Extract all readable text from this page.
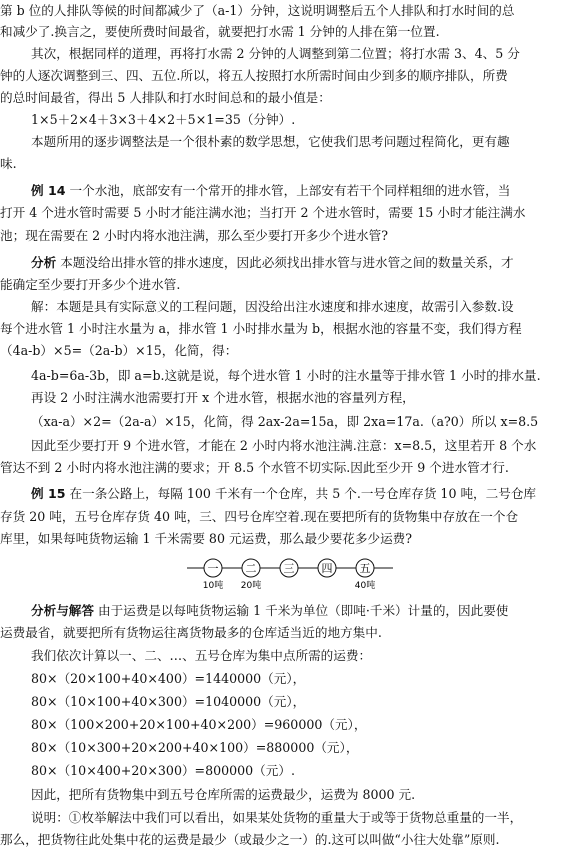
一
10吨
二
20吨
三 四 五
40吨
第 b 位的人排队等候的时间都减少了（a-1）分钟，这说明调整后五个人排队和打水时间的总
和减少了.换言之，要使所费时间最省，就要把打水需 1 分钟的人排在第一位置.
其次，根据同样的道理，再将打水需 2 分钟的人调整到第二位置；将打水需 3、4、5 分
钟的人逐次调整到三、四、五位.所以，将五人按照打水所需时间由少到多的顺序排队，所费
的总时间最省，得出 5 人排队和打水时间总和的最小值是：
1×5＋2×4＋3×3＋4×2＋5×1=35（分钟）.
本题所用的逐步调整法是一个很朴素的数学思想，它使我们思考问题过程简化，更有趣
味.
例 14 一个水池，底部安有一个常开的排水管，上部安有若干个同样粗细的进水管，当
打开 4 个进水管时需要 5 小时才能注满水池；当打开 2 个进水管时，需要 15 小时才能注满水
池；现在需要在 2 小时内将水池注满，那么至少要打开多少个进水管?
分析 本题没给出排水管的排水速度，因此必须找出排水管与进水管之间的数量关系，才
能确定至少要打开多少个进水管.
解：本题是具有实际意义的工程问题，因没给出注水速度和排水速度，故需引入参数.设
每个进水管 1 小时注水量为 a，排水管 1 小时排水量为 b，根据水池的容量不变，我们得方程
（4a-b）×5=（2a-b）×15，化简，得：
4a-b=6a-3b，即 a=b.这就是说，每个进水管 1 小时的注水量等于排水管 1 小时的排水量.
再设 2 小时注满水池需要打开 x 个进水管，根据水池的容量列方程，
（xa-a）×2=（2a-a）×15，化简，得 2ax-2a=15a，即 2xa=17a.（a?0）所以 x=8.5
因此至少要打开 9 个进水管，才能在 2 小时内将水池注满.注意：x=8.5，这里若开 8 个水
管达不到 2 小时内将水池注满的要求；开 8.5 个水管不切实际.因此至少开 9 个进水管才行.
例 15 在一条公路上，每隔 100 千米有一个仓库，共 5 个.一号仓库存货 10 吨，二号仓库
存货 20 吨，五号仓库存货 40 吨，三、四号仓库空着.现在要把所有的货物集中存放在一个仓
库里，如果每吨货物运输 1 千米需要 80 元运费，那么最少要花多少运费?
分析与解答 由于运费是以每吨货物运输 1 千米为单位（即吨·千米）计量的，因此要使
运费最省，就要把所有货物运往离货物最多的仓库适当近的地方集中.
我们依次计算以一、二、…、五号仓库为集中点所需的运费：
80×（20×100+40×400）=1440000（元），
80×（10×100+40×300）=1040000（元），
80×（100×200+20×100+40×200）=960000（元），
80×（10×300+20×200+40×100）=880000（元），
80×（10×400+20×300）=800000（元）.
因此，把所有货物集中到五号仓库所需的运费最少，运费为 8000 元.
说明：①枚举解法中我们可以看出，如果某处货物的重量大于或等于货物总重量的一半，
那么，把货物往此处集中花的运费是最少（或最少之一）的.这可以叫做“小往大处靠”原则.
